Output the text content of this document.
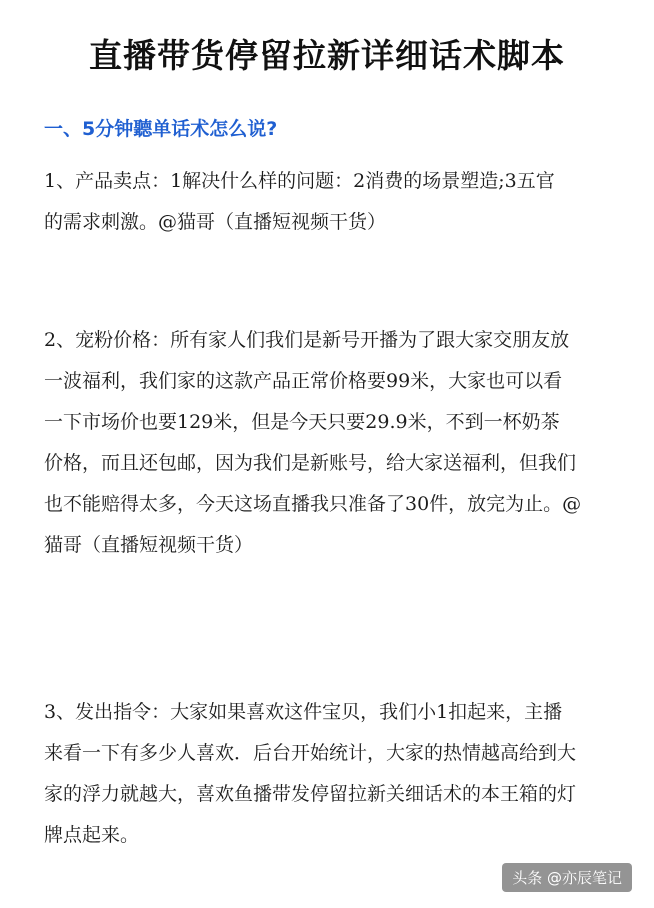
直播带货停留拉新详细话术脚本
一、5分钟聽单话术怎么说?
1、产品卖点：1解决什么样的问题：2消费的场景塑造;3五官
的需求刺激。@猫哥（直播短视频干货）
2、宠粉价格：所有家人们我们是新号开播为了跟大家交朋友放
一波福利，我们家的这款产品正常价格要99米，大家也可以看
一下市场价也要129米，但是今天只要29.9米，不到一杯奶茶
价格，而且还包邮，因为我们是新账号，给大家送福利，但我们
也不能赔得太多，今天这场直播我只准备了30件，放完为止。@
猫哥（直播短视频干货）
3、发出指令：大家如果喜欢这件宝贝，我们小1扣起来，主播
来看一下有多少人喜欢．后台开始统计，大家的热情越高给到大
家的浮力就越大，喜欢鱼播带发停留拉新关细话术的本王箱的灯
牌点起来。
头条 @亦辰笔记
